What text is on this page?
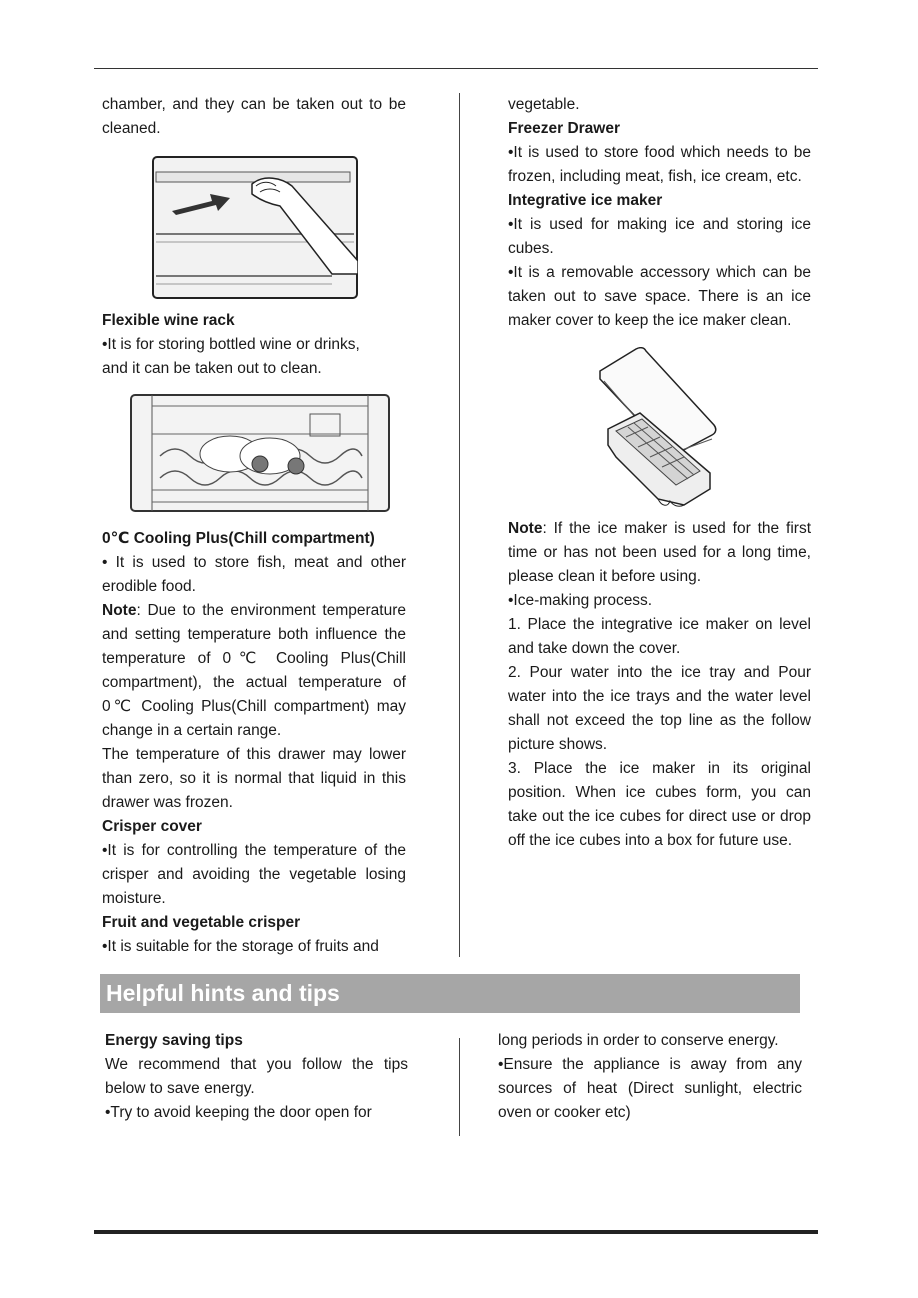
chamber, and they can be taken out to be cleaned.

Flexible wine rack

•It is for storing bottled wine or drinks,

and it can be taken out to clean.

0℃ Cooling Plus(Chill compartment)

• It is used to store fish, meat and other erodible food.

Note: Due to the environment temperature and setting temperature both influence the temperature of 0℃ Cooling Plus(Chill compartment), the actual temperature of 0℃ Cooling Plus(Chill compartment) may change in a certain range.

The temperature of this drawer may lower than zero, so it is normal that liquid in this drawer was frozen.

Crisper cover

•It is for controlling the temperature of the crisper and avoiding the vegetable losing moisture.

Fruit and vegetable crisper

•It is suitable for the storage of fruits and

vegetable.

Freezer Drawer

•It is used to store food which needs to be frozen, including meat, fish, ice cream, etc.

Integrative ice maker

•It is used for making ice and storing ice cubes.

•It is a removable accessory which can be taken out to save space. There is an ice maker cover to keep the ice maker clean.

Note: If the ice maker is used for the first time or has not been used for a long time, please clean it before using.

•Ice-making process.

1. Place the integrative ice maker on level and take down the cover.

2. Pour water into the ice tray and Pour water into the ice trays and the water level shall not exceed the top line as the follow picture shows.

3. Place the ice maker in its original position. When ice cubes form, you can take out the ice cubes for direct use or drop off the ice cubes into a box for future use.

Helpful hints and tips

Energy saving tips

We recommend that you follow the tips below to save energy.

•Try to avoid keeping the door open for

long periods in order to conserve energy.

•Ensure the appliance is away from any sources of heat (Direct sunlight, electric oven or cooker etc)
